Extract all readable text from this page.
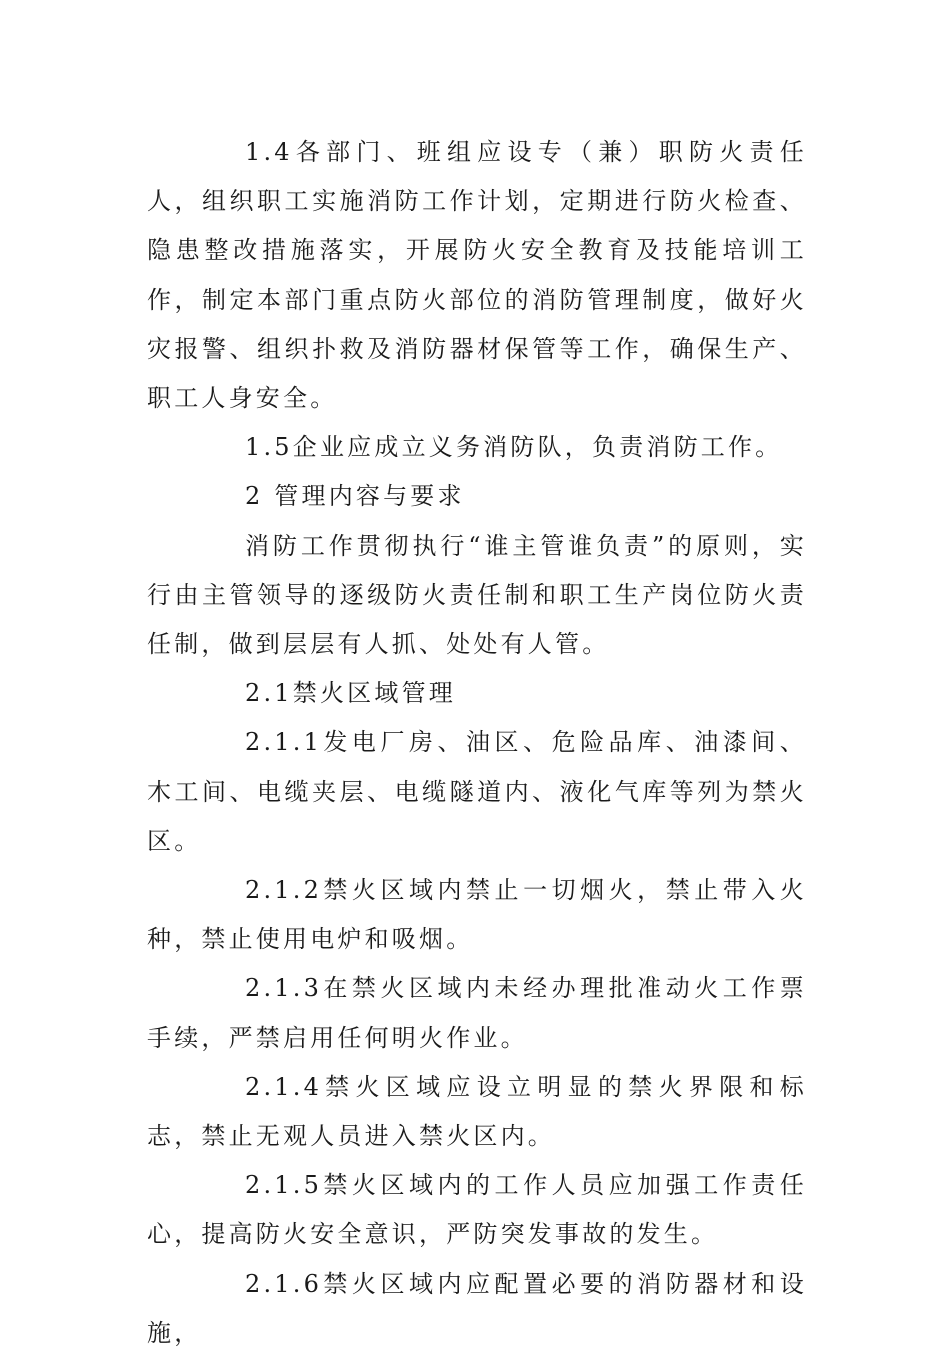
1.4各部门、班组应设专（兼）职防火责任人，组织职工实施消防工作计划，定期进行防火检查、隐患整改措施落实，开展防火安全教育及技能培训工作，制定本部门重点防火部位的消防管理制度，做好火灾报警、组织扑救及消防器材保管等工作，确保生产、职工人身安全。

1.5企业应成立义务消防队，负责消防工作。

2 管理内容与要求

消防工作贯彻执行“谁主管谁负责”的原则，实行由主管领导的逐级防火责任制和职工生产岗位防火责任制，做到层层有人抓、处处有人管。

2.1禁火区域管理

2.1.1发电厂房、油区、危险品库、油漆间、木工间、电缆夹层、电缆隧道内、液化气库等列为禁火区。

2.1.2禁火区域内禁止一切烟火，禁止带入火种，禁止使用电炉和吸烟。

2.1.3在禁火区域内未经办理批准动火工作票手续，严禁启用任何明火作业。

2.1.4禁火区域应设立明显的禁火界限和标志，禁止无观人员进入禁火区内。

2.1.5禁火区域内的工作人员应加强工作责任心，提高防火安全意识，严防突发事故的发生。

2.1.6禁火区域内应配置必要的消防器材和设施，
